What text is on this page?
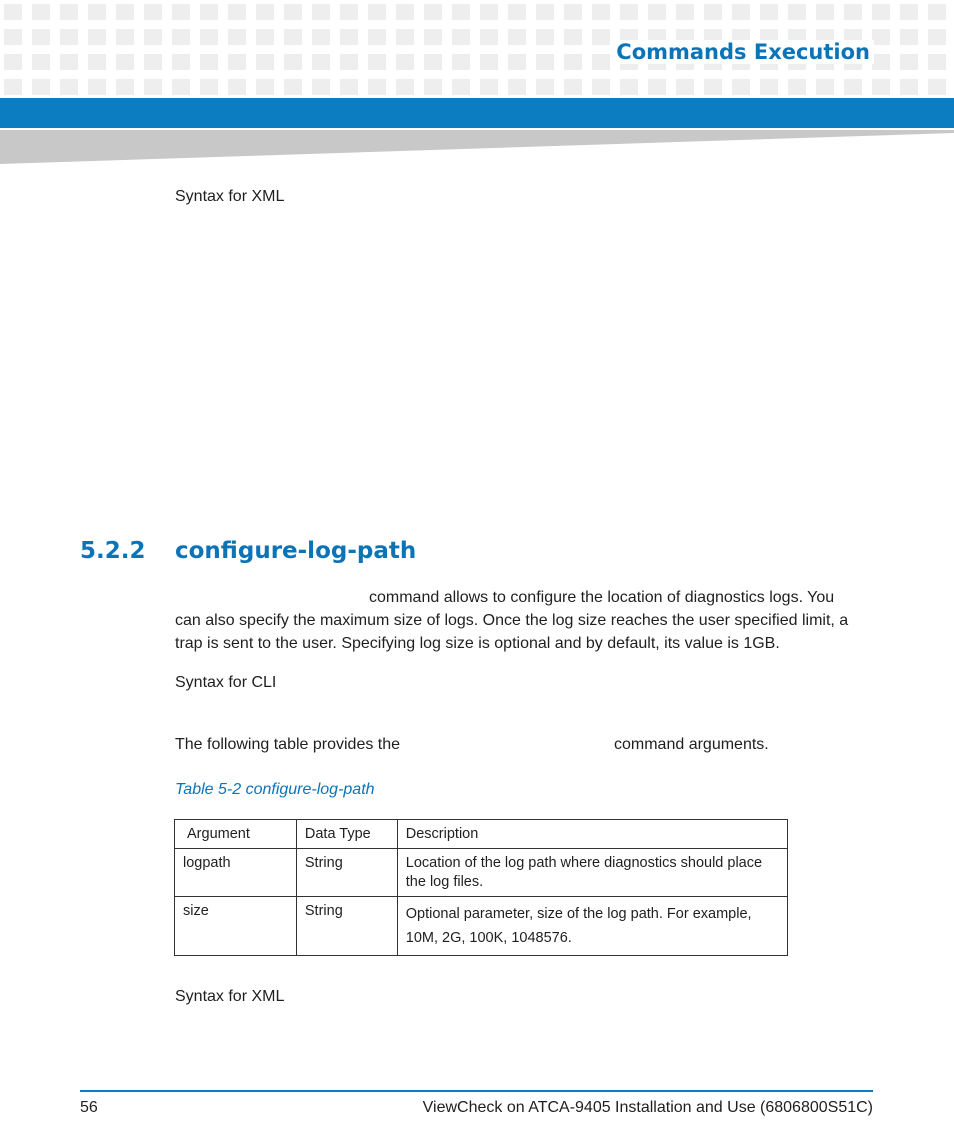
Commands Execution
Syntax for XML
5.2.2 configure-log-path
command allows to configure the location of diagnostics logs. You
can also specify the maximum size of logs. Once the log size reaches the user specified limit, a
trap is sent to the user. Specifying log size is optional and by default, its value is 1GB.
Syntax for CLI
The following table provides the	command arguments.
Table 5-2 configure-log-path
Argument	Data Type	Description
logpath	String	Location of the log path where diagnostics should place the log files.
size	String	Optional parameter, size of the log path. For example, 10M, 2G, 100K, 1048576.
Syntax for XML
56	ViewCheck on ATCA-9405 Installation and Use (6806800S51C)
